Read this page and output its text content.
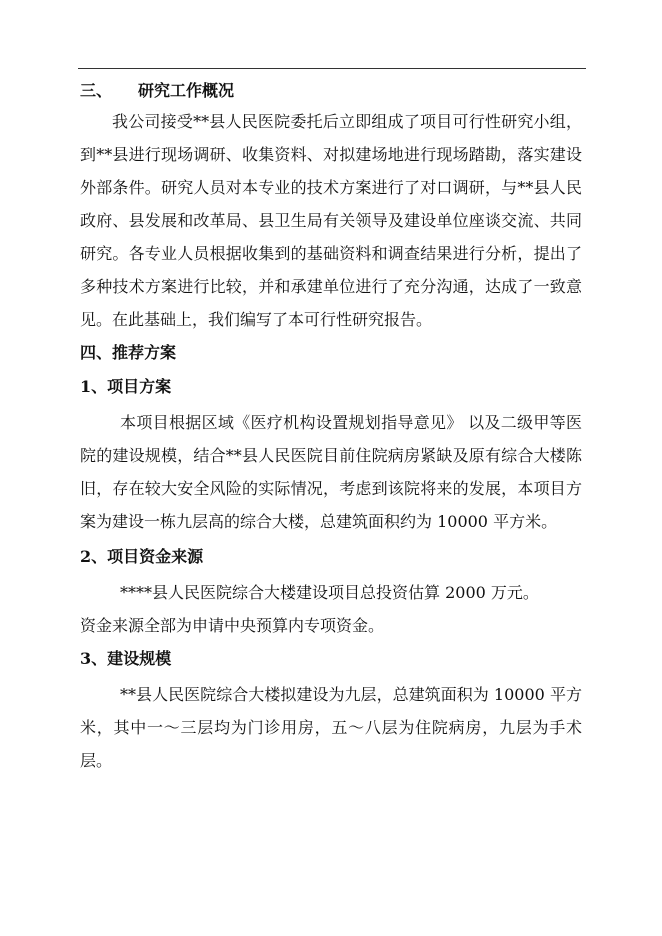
三、 研究工作概况

我公司接受**县人民医院委托后立即组成了项目可行性研究小组，到**县进行现场调研、收集资料、对拟建场地进行现场踏勘，落实建设外部条件。研究人员对本专业的技术方案进行了对口调研，与**县人民政府、县发展和改革局、县卫生局有关领导及建设单位座谈交流、共同研究。各专业人员根据收集到的基础资料和调查结果进行分析，提出了多种技术方案进行比较，并和承建单位进行了充分沟通，达成了一致意见。在此基础上，我们编写了本可行性研究报告。

四、推荐方案
1、项目方案

本项目根据区域《医疗机构设置规划指导意见》 以及二级甲等医院的建设规模，结合**县人民医院目前住院病房紧缺及原有综合大楼陈旧，存在较大安全风险的实际情况，考虑到该院将来的发展，本项目方案为建设一栋九层高的综合大楼，总建筑面积约为 10000 平方米。

2、项目资金来源

****县人民医院综合大楼建设项目总投资估算 2000 万元。

资金来源全部为申请中央预算内专项资金。

3、建设规模

**县人民医院综合大楼拟建设为九层，总建筑面积为 10000 平方米，其中一～三层均为门诊用房，五～八层为住院病房，九层为手术层。
